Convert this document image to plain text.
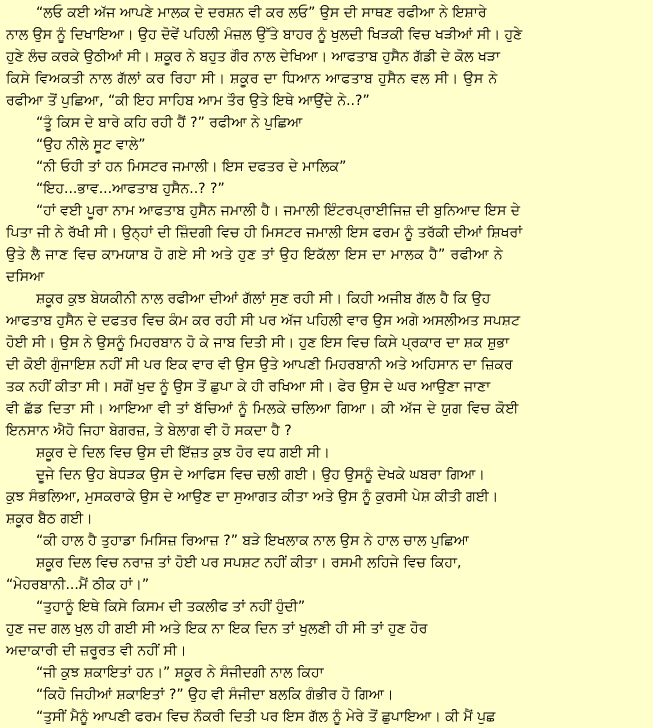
“ਲਓ ਕਈ ਅੱਜ ਆਪਣੇ ਮਾਲਕ ਦੇ ਦਰਸ਼ਨ ਵੀ ਕਰ ਲਓ” ਉਸ ਦੀ ਸਾਥਣ ਰਫੀਆ ਨੇ ਇਸ਼ਾਰੇ
ਨਾਲ ਉਸ ਨੂੰ ਦਿਖਾਇਆ। ਉਹ ਦੋਵੇਂ ਪਹਿਲੀ ਮੰਜ਼ਲ ਉੱਤੇ ਬਾਹਰ ਨੂੰ ਖੁਲਦੀ ਖਿੜਕੀ ਵਿਚ ਖੜੀਆਂ ਸੀ। ਹੁਣੇ
ਹੁਣੇ ਲੰਚ ਕਰਕੇ ਉਠੀਆਂ ਸੀ। ਸ਼ਕੂਰ ਨੇ ਬਹੁਤ ਗੌਰ ਨਾਲ ਦੇਖਿਆ। ਆਫਤਾਬ ਹੁਸੈਨ ਗੱਡੀ ਦੇ ਕੋਲ ਖੜਾ
ਕਿਸੇ ਵਿਅਕਤੀ ਨਾਲ ਗੱਲਾਂ ਕਰ ਰਿਹਾ ਸੀ। ਸ਼ਕੂਰ ਦਾ ਧਿਆਨ ਆਫਤਾਬ ਹੁਸੈਨ ਵਲ ਸੀ। ਉਸ ਨੇ
ਰਫੀਆ ਤੋਂ ਪੁਛਿਆ, “ਕੀ ਇਹ ਸਾਹਿਬ ਆਮ ਤੌਰ ਉਤੇ ਇਥੇ ਆਉਂਦੇ ਨੇ..?”
“ਤੂੰ ਕਿਸ ਦੇ ਬਾਰੇ ਕਹਿ ਰਹੀ ਹੈਂ ?” ਰਫੀਆ ਨੇ ਪੁਛਿਆ
“ਉਹ ਨੀਲੇ ਸੂਟ ਵਾਲੇ”
“ਨੀ ਓਹੀ ਤਾਂ ਹਨ ਮਿਸਟਰ ਜਮਾਲੀ। ਇਸ ਦਫਤਰ ਦੇ ਮਾਲਿਕ”
“ਇਹ...ਭਾਵ...ਆਫਤਾਬ ਹੁਸੈਨ..? ?”
“ਹਾਂ ਵਈ ਪੂਰਾ ਨਾਮ ਆਫਤਾਬ ਹੁਸੈਨ ਜਮਾਲੀ ਹੈ। ਜਮਾਲੀ ਇੰਟਰਪ੍ਰਾਈਜਿਜ਼ ਦੀ ਬੁਨਿਆਦ ਇਸ ਦੇ
ਪਿਤਾ ਜੀ ਨੇ ਰੱਖੀ ਸੀ। ਉਨ੍ਹਾਂ ਦੀ ਜ਼ਿੰਦਗੀ ਵਿਚ ਹੀ ਮਿਸਟਰ ਜਮਾਲੀ ਇਸ ਫਰਮ ਨੂੰ ਤਰੱਕੀ ਦੀਆਂ ਸ਼ਿਖਰਾਂ
ਉਤੇ ਲੈ ਜਾਣ ਵਿਚ ਕਾਮਯਾਬ ਹੋ ਗਏ ਸੀ ਅਤੇ ਹੁਣ ਤਾਂ ਉਹ ਇਕੱਲਾ ਇਸ ਦਾ ਮਾਲਕ ਹੈ” ਰਫੀਆ ਨੇ
ਦਸਿਆ
ਸ਼ਕੂਰ ਕੁਝ ਬੇਯਕੀਨੀ ਨਾਲ ਰਫੀਆ ਦੀਆਂ ਗੱਲਾਂ ਸੁਣ ਰਹੀ ਸੀ। ਕਿਹੀ ਅਜੀਬ ਗੱਲ ਹੈ ਕਿ ਉਹ
ਆਫਤਾਬ ਹੁਸੈਨ ਦੇ ਦਫਤਰ ਵਿਚ ਕੰਮ ਕਰ ਰਹੀ ਸੀ ਪਰ ਅੱਜ ਪਹਿਲੀ ਵਾਰ ਉਸ ਅਗੇ ਅਸਲੀਅਤ ਸਪਸ਼ਟ
ਹੋਈ ਸੀ। ਉਸ ਨੇ ਉਸਨੂੰ ਮਿਹਰਬਾਨ ਹੋ ਕੇ ਜਾਬ ਦਿਤੀ ਸੀ। ਹੁਣ ਇਸ ਵਿਚ ਕਿਸੇ ਪ੍ਰਕਾਰ ਦਾ ਸ਼ਕ ਸ਼ੁਭਾ
ਦੀ ਕੋਈ ਗੁੰਜਾਇਸ਼ ਨਹੀਂ ਸੀ ਪਰ ਇਕ ਵਾਰ ਵੀ ਉਸ ਉਤੇ ਆਪਣੀ ਮਿਹਰਬਾਨੀ ਅਤੇ ਅਹਿਸਾਨ ਦਾ ਜ਼ਿਕਰ
ਤਕ ਨਹੀਂ ਕੀਤਾ ਸੀ। ਸਗੋਂ ਖੁਦ ਨੂੰ ਉਸ ਤੋਂ ਛੁਪਾ ਕੇ ਹੀ ਰਖਿਆ ਸੀ। ਫੇਰ ਉਸ ਦੇ ਘਰ ਆਉਣਾ ਜਾਣਾ
ਵੀ ਛੱਡ ਦਿਤਾ ਸੀ। ਆਇਆ ਵੀ ਤਾਂ ਬੱਚਿਆਂ ਨੂੰ ਮਿਲਕੇ ਚਲਿਆ ਗਿਆ। ਕੀ ਅੱਜ ਦੇ ਯੁਗ ਵਿਚ ਕੋਈ
ਇਨਸਾਨ ਐਹੋ ਜਿਹਾ ਬੇਗਰਜ਼, ਤੇ ਬੇਲਾਗ ਵੀ ਹੋ ਸਕਦਾ ਹੈ ?
ਸ਼ਕੂਰ ਦੇ ਦਿਲ ਵਿਚ ਉਸ ਦੀ ਇੱਜ਼ਤ ਕੁਝ ਹੋਰ ਵਧ ਗਈ ਸੀ।
ਦੂਜੇ ਦਿਨ ਉਹ ਬੇਧੜਕ ਉਸ ਦੇ ਆਫਿਸ ਵਿਚ ਚਲੀ ਗਈ। ਉਹ ਉਸਨੂੰ ਦੇਖਕੇ ਘਬਰਾ ਗਿਆ।
ਕੁਝ ਸੰਭਲਿਆ, ਮੁਸਕਰਾਕੇ ਉਸ ਦੇ ਆਉਣ ਦਾ ਸੁਆਗਤ ਕੀਤਾ ਅਤੇ ਉਸ ਨੂੰ ਕੁਰਸੀ ਪੇਸ਼ ਕੀਤੀ ਗਈ।
ਸ਼ਕੂਰ ਬੈਠ ਗਈ।
“ਕੀ ਹਾਲ ਹੈ ਤੁਹਾਡਾ ਮਿਸਿਜ਼ ਰਿਆਜ਼ ?” ਬੜੇ ਇਖਲਾਕ ਨਾਲ ਉਸ ਨੇ ਹਾਲ ਚਾਲ ਪੁਛਿਆ
ਸ਼ਕੂਰ ਦਿਲ ਵਿਚ ਨਰਾਜ਼ ਤਾਂ ਹੋਈ ਪਰ ਸਪਸ਼ਟ ਨਹੀਂ ਕੀਤਾ। ਰਸਮੀ ਲਹਿਜੇ ਵਿਚ ਕਿਹਾ,
“ਮੇਹਰਬਾਨੀ...ਮੈਂ ਠੀਕ ਹਾਂ।”
“ਤੁਹਾਨੂੰ ਇਥੇ ਕਿਸੇ ਕਿਸਮ ਦੀ ਤਕਲੀਫ ਤਾਂ ਨਹੀਂ ਹੁੰਦੀ”
ਹੁਣ ਜਦ ਗਲ ਖੁਲ ਹੀ ਗਈ ਸੀ ਅਤੇ ਇਕ ਨਾ ਇਕ ਦਿਨ ਤਾਂ ਖੁਲਣੀ ਹੀ ਸੀ ਤਾਂ ਹੁਣ ਹੋਰ
ਅਦਾਕਾਰੀ ਦੀ ਜ਼ਰੂਰਤ ਵੀ ਨਹੀਂ ਸੀ।
“ਜੀ ਕੁਝ ਸ਼ਕਾਇਤਾਂ ਹਨ।” ਸ਼ਕੂਰ ਨੇ ਸੰਜੀਦਗੀ ਨਾਲ ਕਿਹਾ
“ਕਿਹੋ ਜਿਹੀਆਂ ਸ਼ਕਾਇਤਾਂ ?” ਉਹ ਵੀ ਸੰਜੀਦਾ ਬਲਕਿ ਗੰਭੀਰ ਹੋ ਗਿਆ।
“ਤੁਸੀਂ ਮੈਨੂੰ ਆਪਣੀ ਫਰਮ ਵਿਚ ਨੌਕਰੀ ਦਿਤੀ ਪਰ ਇਸ ਗੱਲ ਨੂੰ ਮੇਰੇ ਤੋਂ ਛੁਪਾਇਆ। ਕੀ ਮੈਂ ਪੁਛ
